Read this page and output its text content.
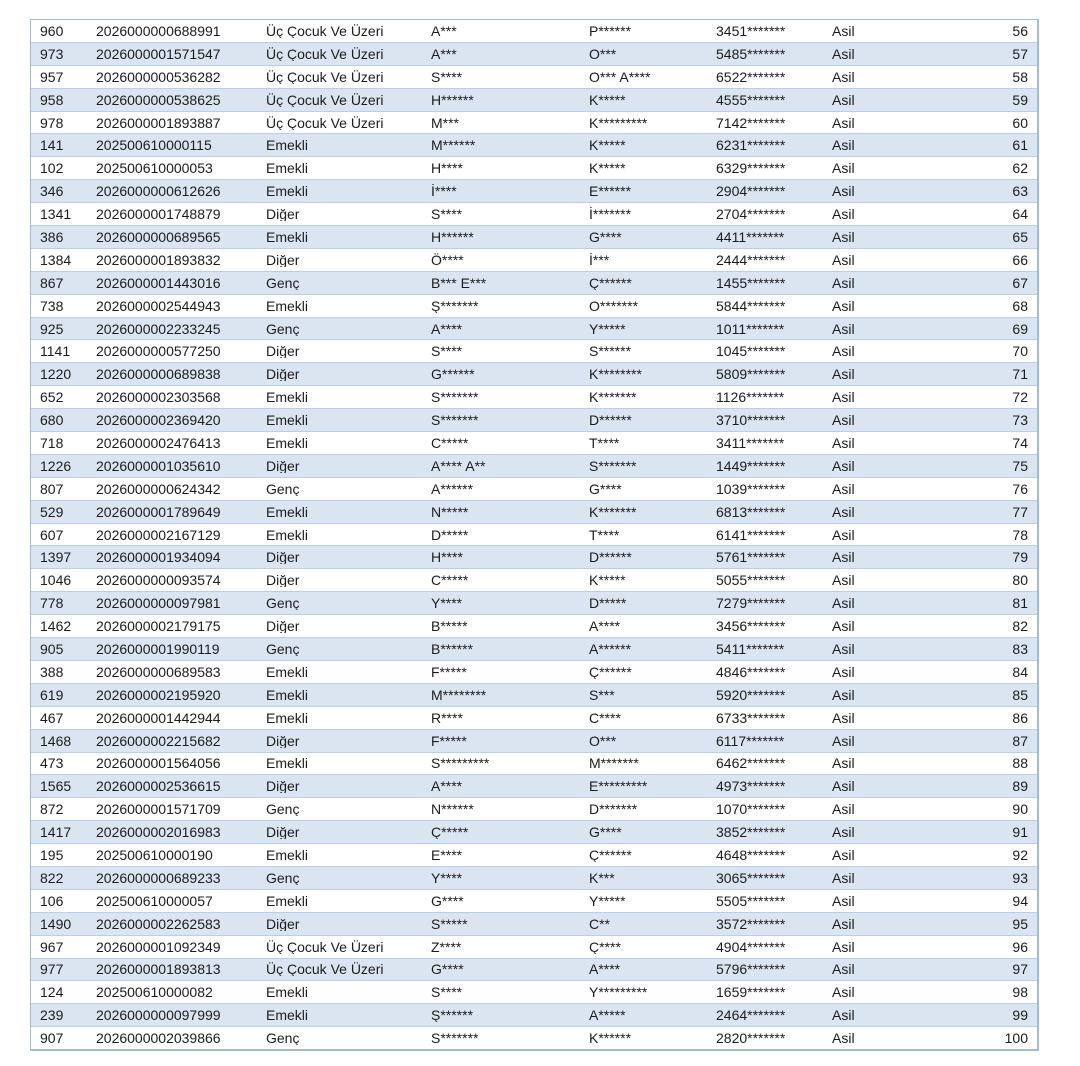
960	2026000000688991	Üç Çocuk Ve Üzeri	A***	P******	3451*******	Asil	56
973	2026000001571547	Üç Çocuk Ve Üzeri	A***	O***	5485*******	Asil	57
957	2026000000536282	Üç Çocuk Ve Üzeri	S****	O*** A****	6522*******	Asil	58
958	2026000000538625	Üç Çocuk Ve Üzeri	H******	K*****	4555*******	Asil	59
978	2026000001893887	Üç Çocuk Ve Üzeri	M***	K*********	7142*******	Asil	60
141	202500610000115	Emekli	M******	K*****	6231*******	Asil	61
102	202500610000053	Emekli	H****	K*****	6329*******	Asil	62
346	2026000000612626	Emekli	İ****	E******	2904*******	Asil	63
1341	2026000001748879	Diğer	S****	İ*******	2704*******	Asil	64
386	2026000000689565	Emekli	H******	G****	4411*******	Asil	65
1384	2026000001893832	Diğer	Ö****	İ***	2444*******	Asil	66
867	2026000001443016	Genç	B*** E***	Ç******	1455*******	Asil	67
738	2026000002544943	Emekli	Ş*******	O*******	5844*******	Asil	68
925	2026000002233245	Genç	A****	Y*****	1011*******	Asil	69
1141	2026000000577250	Diğer	S****	S******	1045*******	Asil	70
1220	2026000000689838	Diğer	G******	K********	5809*******	Asil	71
652	2026000002303568	Emekli	S*******	K*******	1126*******	Asil	72
680	2026000002369420	Emekli	S*******	D******	3710*******	Asil	73
718	2026000002476413	Emekli	C*****	T****	3411*******	Asil	74
1226	2026000001035610	Diğer	A**** A**	S*******	1449*******	Asil	75
807	2026000000624342	Genç	A******	G****	1039*******	Asil	76
529	2026000001789649	Emekli	N*****	K*******	6813*******	Asil	77
607	2026000002167129	Emekli	D*****	T****	6141*******	Asil	78
1397	2026000001934094	Diğer	H****	D******	5761*******	Asil	79
1046	2026000000093574	Diğer	C*****	K*****	5055*******	Asil	80
778	2026000000097981	Genç	Y****	D*****	7279*******	Asil	81
1462	2026000002179175	Diğer	B*****	A****	3456*******	Asil	82
905	2026000001990119	Genç	B******	A******	5411*******	Asil	83
388	2026000000689583	Emekli	F*****	Ç******	4846*******	Asil	84
619	2026000002195920	Emekli	M********	S***	5920*******	Asil	85
467	2026000001442944	Emekli	R****	C****	6733*******	Asil	86
1468	2026000002215682	Diğer	F*****	O***	6117*******	Asil	87
473	2026000001564056	Emekli	S*********	M*******	6462*******	Asil	88
1565	2026000002536615	Diğer	A****	E*********	4973*******	Asil	89
872	2026000001571709	Genç	N******	D*******	1070*******	Asil	90
1417	2026000002016983	Diğer	Ç*****	G****	3852*******	Asil	91
195	202500610000190	Emekli	E****	Ç******	4648*******	Asil	92
822	2026000000689233	Genç	Y****	K***	3065*******	Asil	93
106	202500610000057	Emekli	G****	Y*****	5505*******	Asil	94
1490	2026000002262583	Diğer	S*****	C**	3572*******	Asil	95
967	2026000001092349	Üç Çocuk Ve Üzeri	Z****	Ç****	4904*******	Asil	96
977	2026000001893813	Üç Çocuk Ve Üzeri	G****	A****	5796*******	Asil	97
124	202500610000082	Emekli	S****	Y*********	1659*******	Asil	98
239	2026000000097999	Emekli	Ş******	A*****	2464*******	Asil	99
907	2026000002039866	Genç	S*******	K******	2820*******	Asil	100
